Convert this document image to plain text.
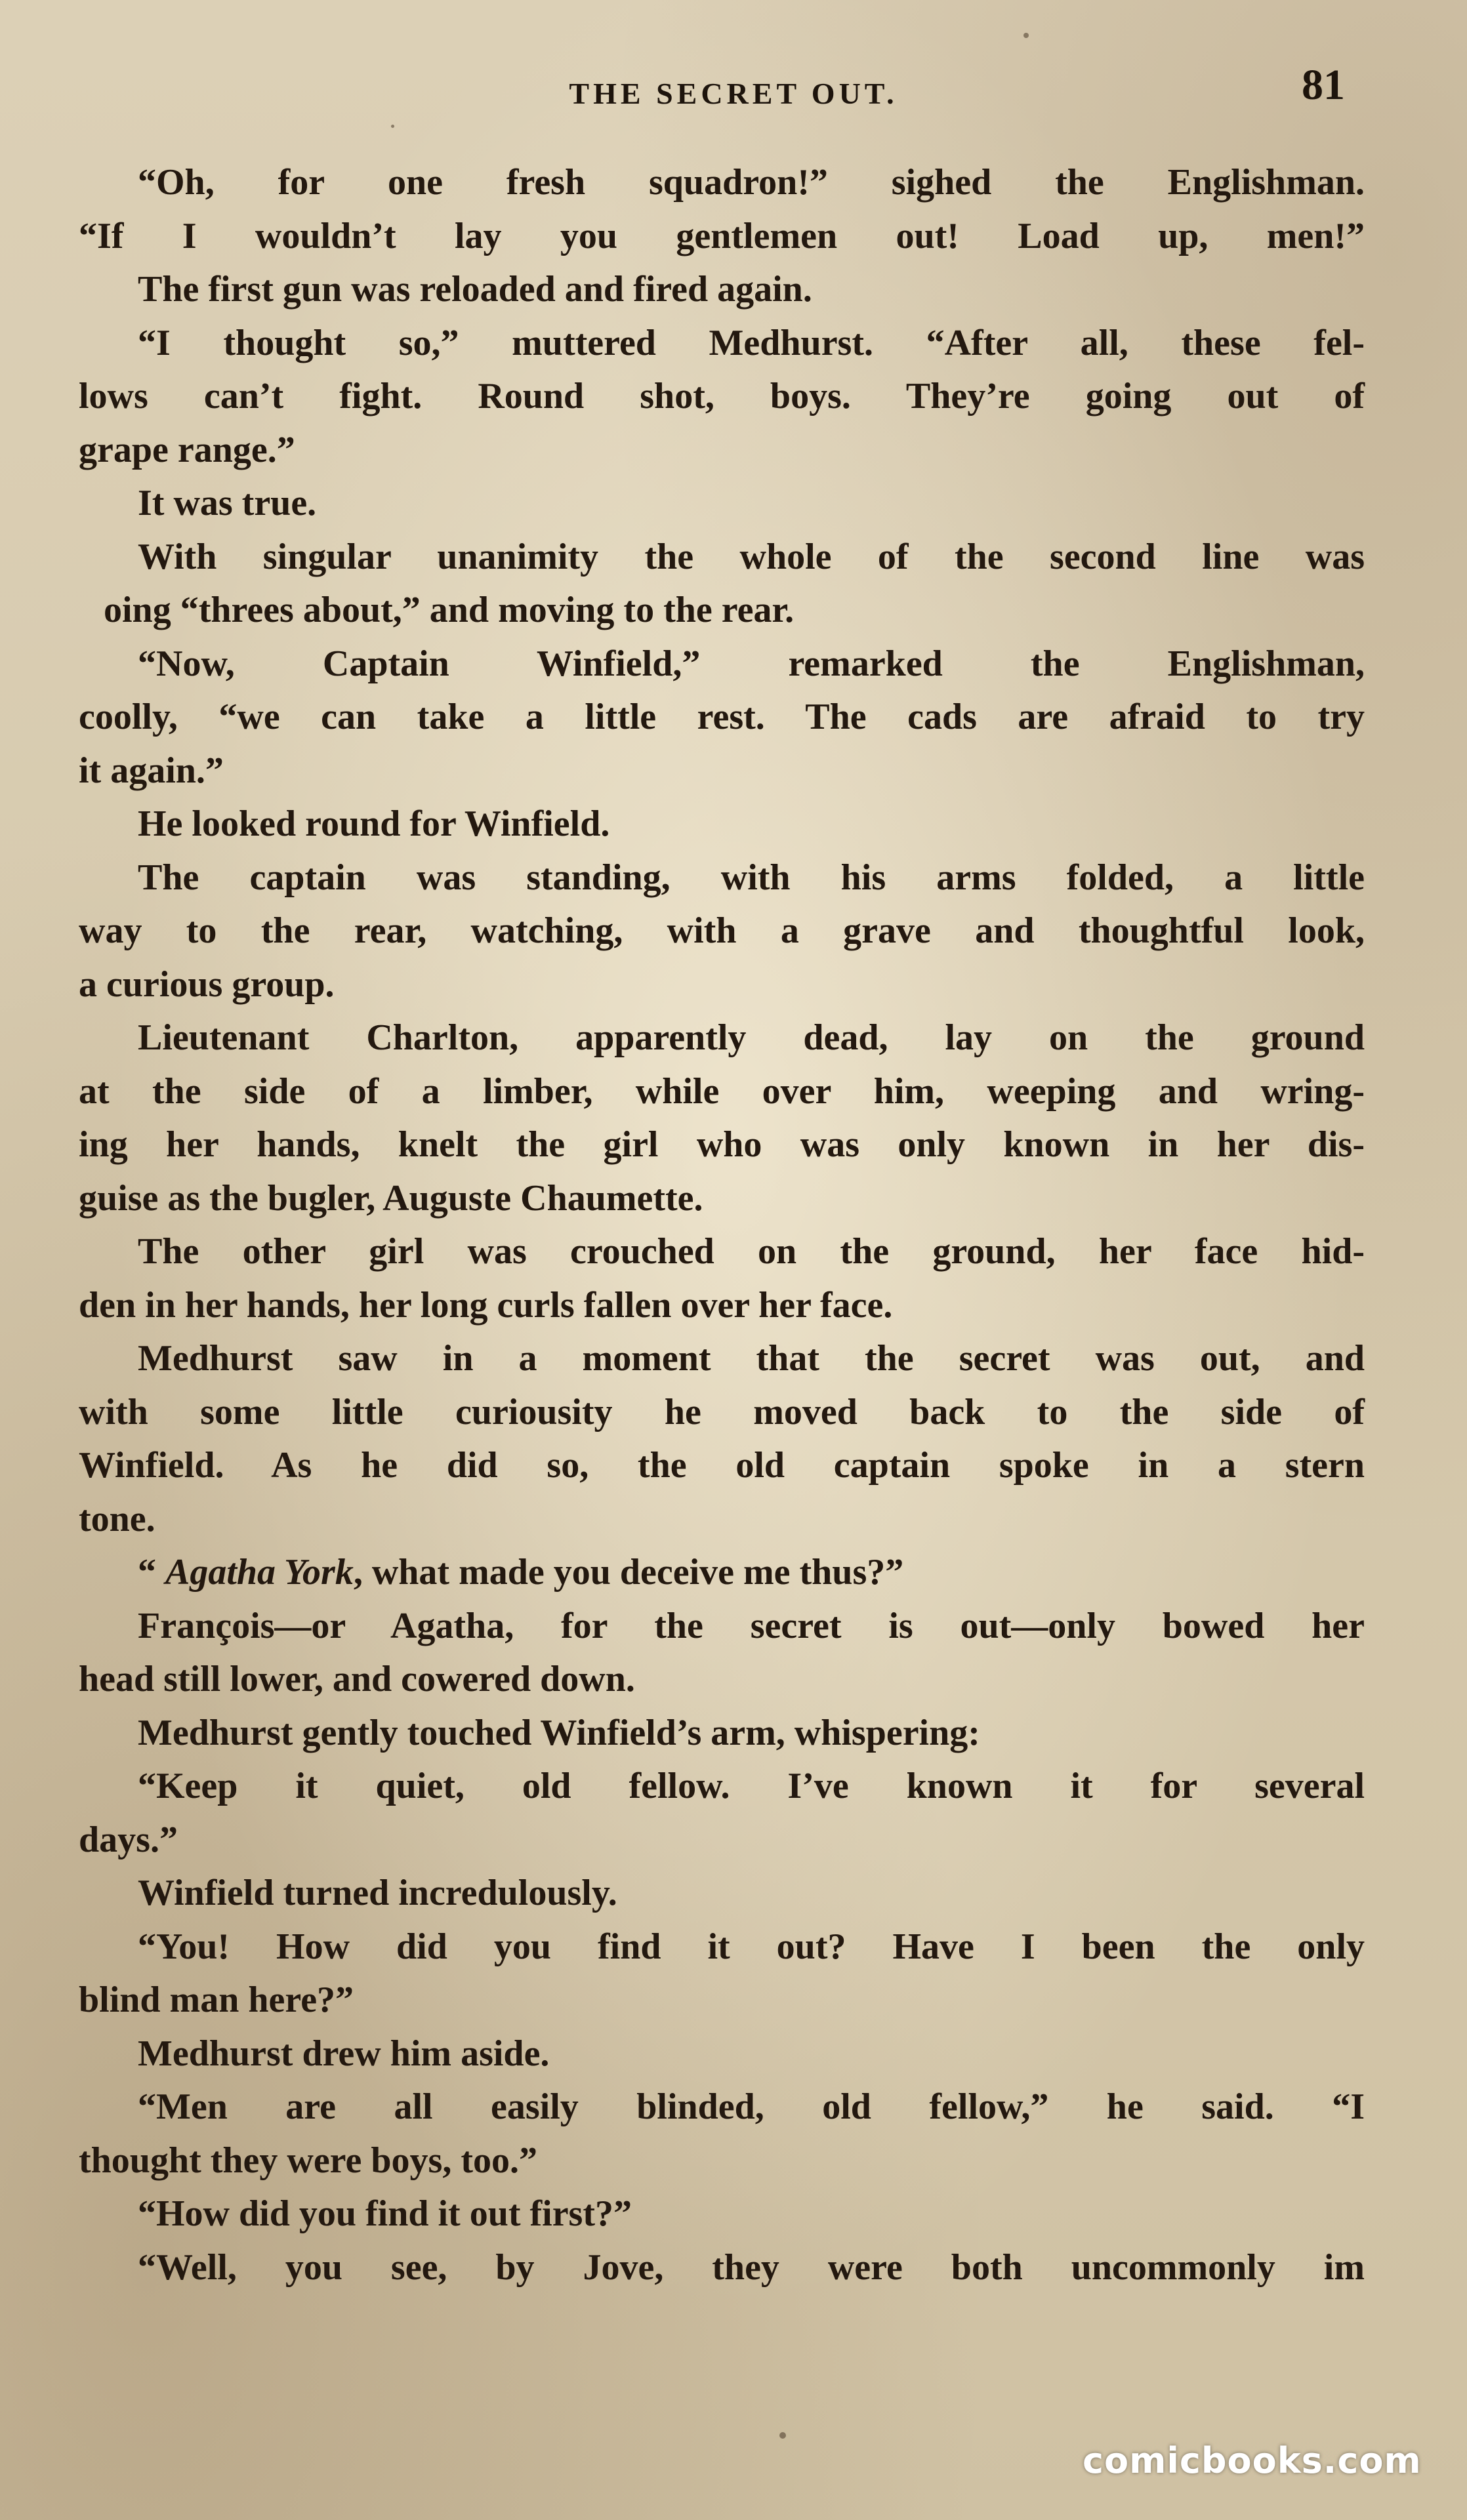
THE SECRET OUT.	81
“Oh, for one fresh squadron!” sighed the Englishman.
“If I wouldn’t lay you gentlemen out! Load up, men!”
The first gun was reloaded and fired again.
“I thought so,” muttered Medhurst. “After all, these fel-
lows can’t fight. Round shot, boys. They’re going out of
grape range.”
It was true.
With singular unanimity the whole of the second line was
oing “threes about,” and moving to the rear.
“Now, Captain Winfield,” remarked the Englishman,
coolly, “we can take a little rest. The cads are afraid to try
it again.”
He looked round for Winfield.
The captain was standing, with his arms folded, a little
way to the rear, watching, with a grave and thoughtful look,
a curious group.
Lieutenant Charlton, apparently dead, lay on the ground
at the side of a limber, while over him, weeping and wring-
ing her hands, knelt the girl who was only known in her dis-
guise as the bugler, Auguste Chaumette.
The other girl was crouched on the ground, her face hid-
den in her hands, her long curls fallen over her face.
Medhurst saw in a moment that the secret was out, and
with some little curiousity he moved back to the side of
Winfield. As he did so, the old captain spoke in a stern
tone.
“ Agatha York, what made you deceive me thus?”
François—or Agatha, for the secret is out—only bowed her
head still lower, and cowered down.
Medhurst gently touched Winfield’s arm, whispering:
“Keep it quiet, old fellow. I’ve known it for several
days.”
Winfield turned incredulously.
“You! How did you find it out? Have I been the only
blind man here?”
Medhurst drew him aside.
“Men are all easily blinded, old fellow,” he said. “I
thought they were boys, too.”
“How did you find it out first?”
“Well, you see, by Jove, they were both uncommonly im
comicbooks.com
